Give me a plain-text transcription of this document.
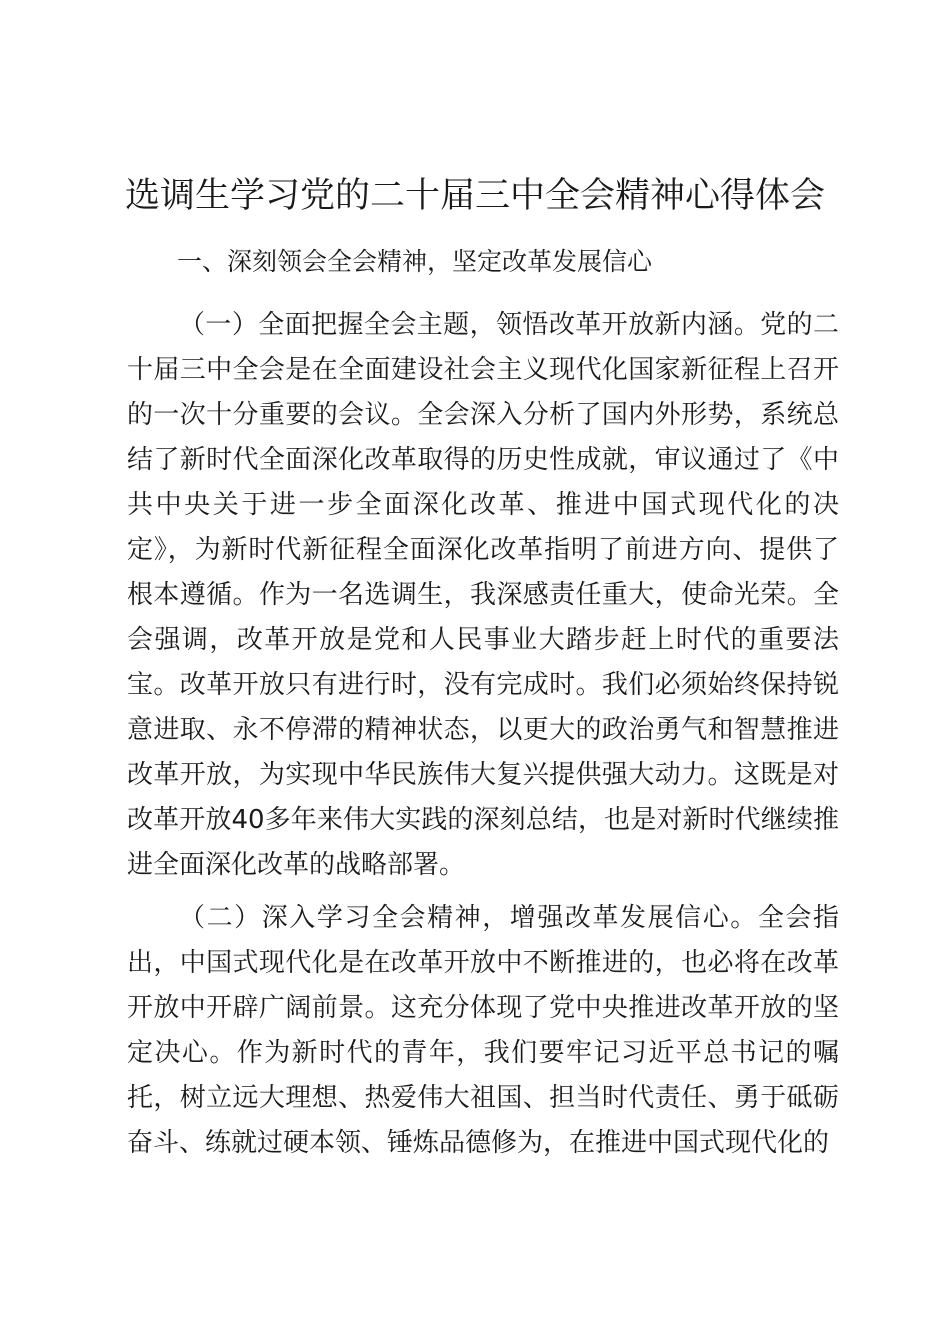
选调生学习党的二十届三中全会精神心得体会

一、深刻领会全会精神，坚定改革发展信心

（一）全面把握全会主题，领悟改革开放新内涵。党的二十届三中全会是在全面建设社会主义现代化国家新征程上召开的一次十分重要的会议。全会深入分析了国内外形势，系统总结了新时代全面深化改革取得的历史性成就，审议通过了《中共中央关于进一步全面深化改革、推进中国式现代化的决定》，为新时代新征程全面深化改革指明了前进方向、提供了根本遵循。作为一名选调生，我深感责任重大，使命光荣。全会强调，改革开放是党和人民事业大踏步赶上时代的重要法宝。改革开放只有进行时，没有完成时。我们必须始终保持锐意进取、永不停滞的精神状态，以更大的政治勇气和智慧推进改革开放，为实现中华民族伟大复兴提供强大动力。这既是对改革开放40多年来伟大实践的深刻总结，也是对新时代继续推进全面深化改革的战略部署。

（二）深入学习全会精神，增强改革发展信心。全会指出，中国式现代化是在改革开放中不断推进的，也必将在改革开放中开辟广阔前景。这充分体现了党中央推进改革开放的坚定决心。作为新时代的青年，我们要牢记习近平总书记的嘱托，树立远大理想、热爱伟大祖国、担当时代责任、勇于砥砺奋斗、练就过硬本领、锤炼品德修为，在推进中国式现代化的
